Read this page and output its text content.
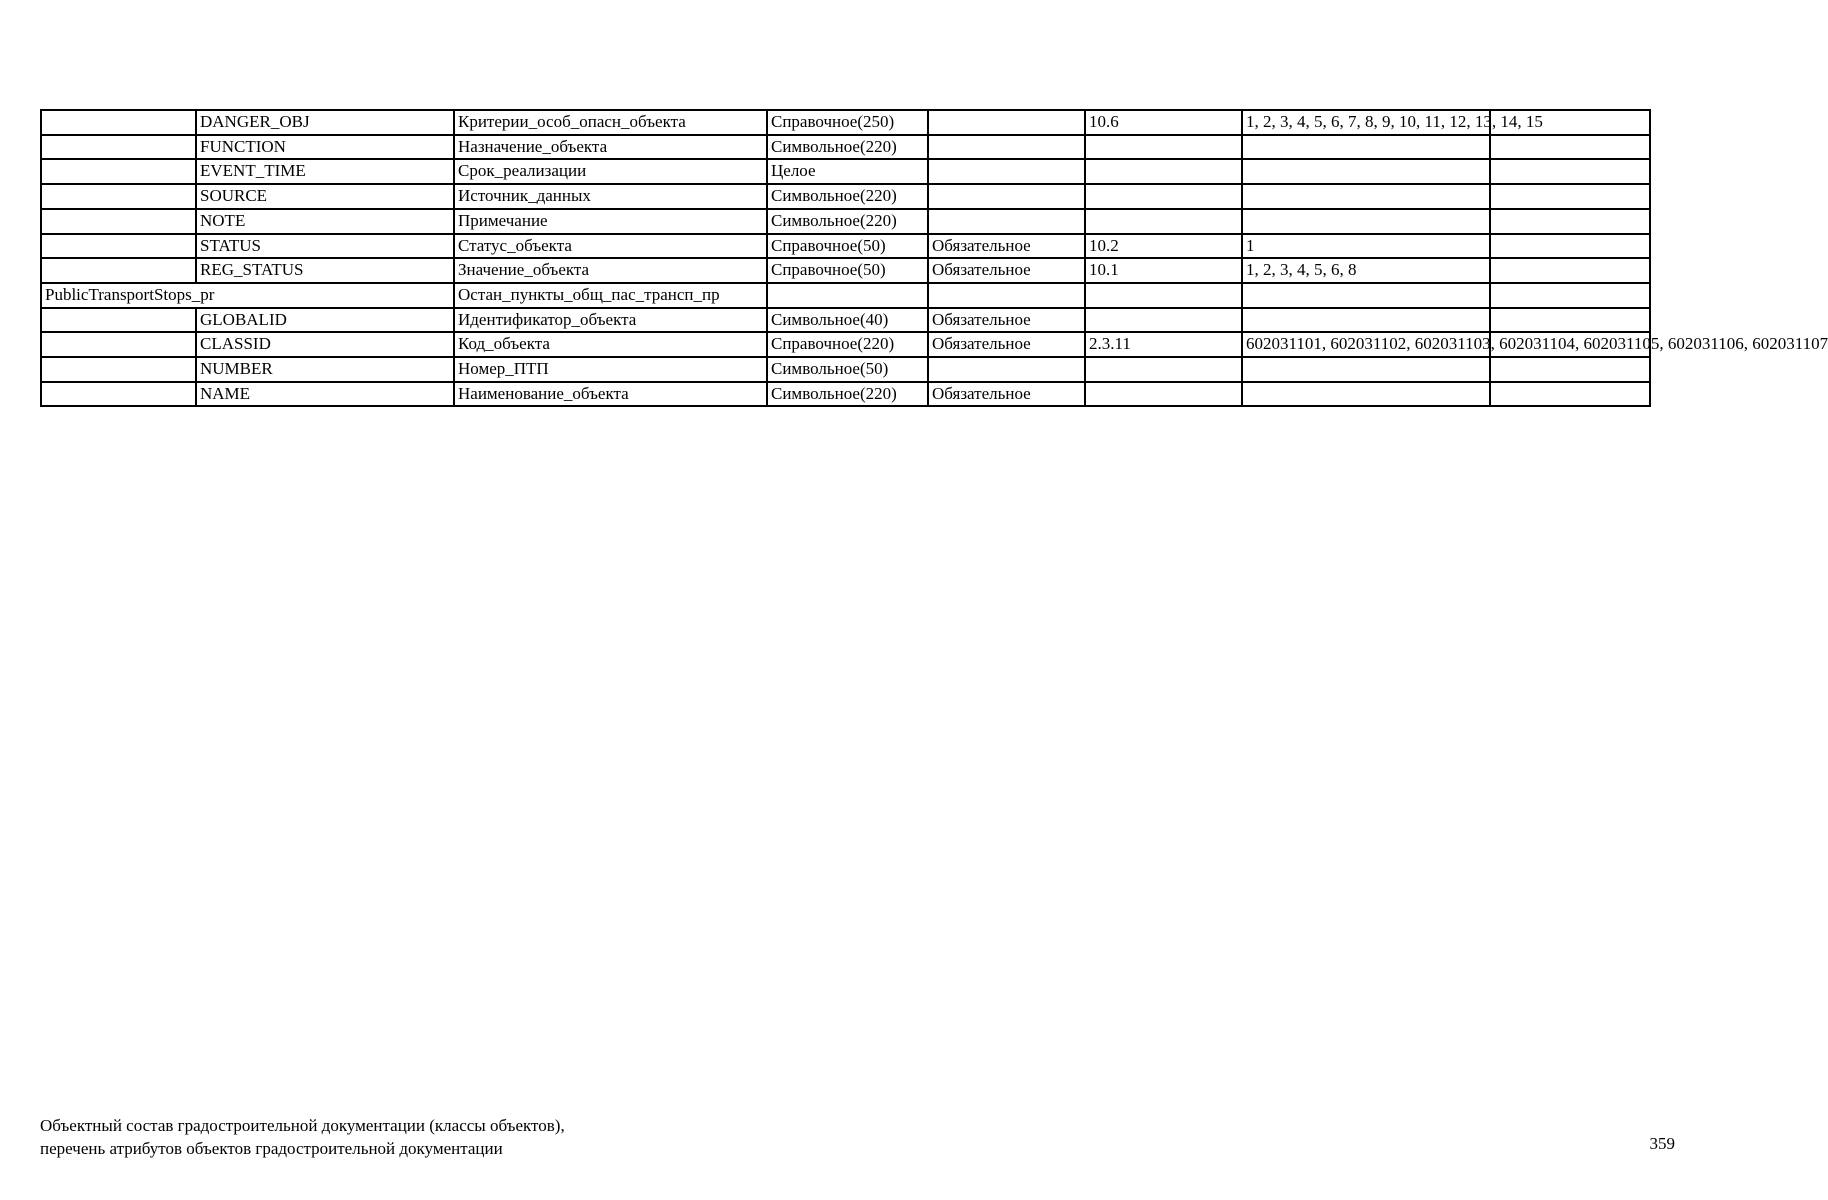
	DANGER_OBJ	Критерии_особ_опасн_объекта	Справочное(250)		10.6	1, 2, 3, 4, 5, 6, 7, 8, 9, 10, 11, 12, 13, 14, 15	
	FUNCTION	Назначение_объекта	Символьное(220)				
	EVENT_TIME	Срок_реализации	Целое				
	SOURCE	Источник_данных	Символьное(220)				
	NOTE	Примечание	Символьное(220)				
	STATUS	Статус_объекта	Справочное(50)	Обязательное	10.2	1	
	REG_STATUS	Значение_объекта	Справочное(50)	Обязательное	10.1	1, 2, 3, 4, 5, 6, 8	
PublicTransportStops_pr		Остан_пункты_общ_пас_трансп_пр					
	GLOBALID	Идентификатор_объекта	Символьное(40)	Обязательное			
	CLASSID	Код_объекта	Справочное(220)	Обязательное	2.3.11	602031101, 602031102, 602031103, 602031104, 602031105, 602031106, 602031107	
	NUMBER	Номер_ПТП	Символьное(50)				
	NAME	Наименование_объекта	Символьное(220)	Обязательное			
Объектный состав градостроительной документации (классы объектов),
перечень атрибутов объектов градостроительной документации	359
